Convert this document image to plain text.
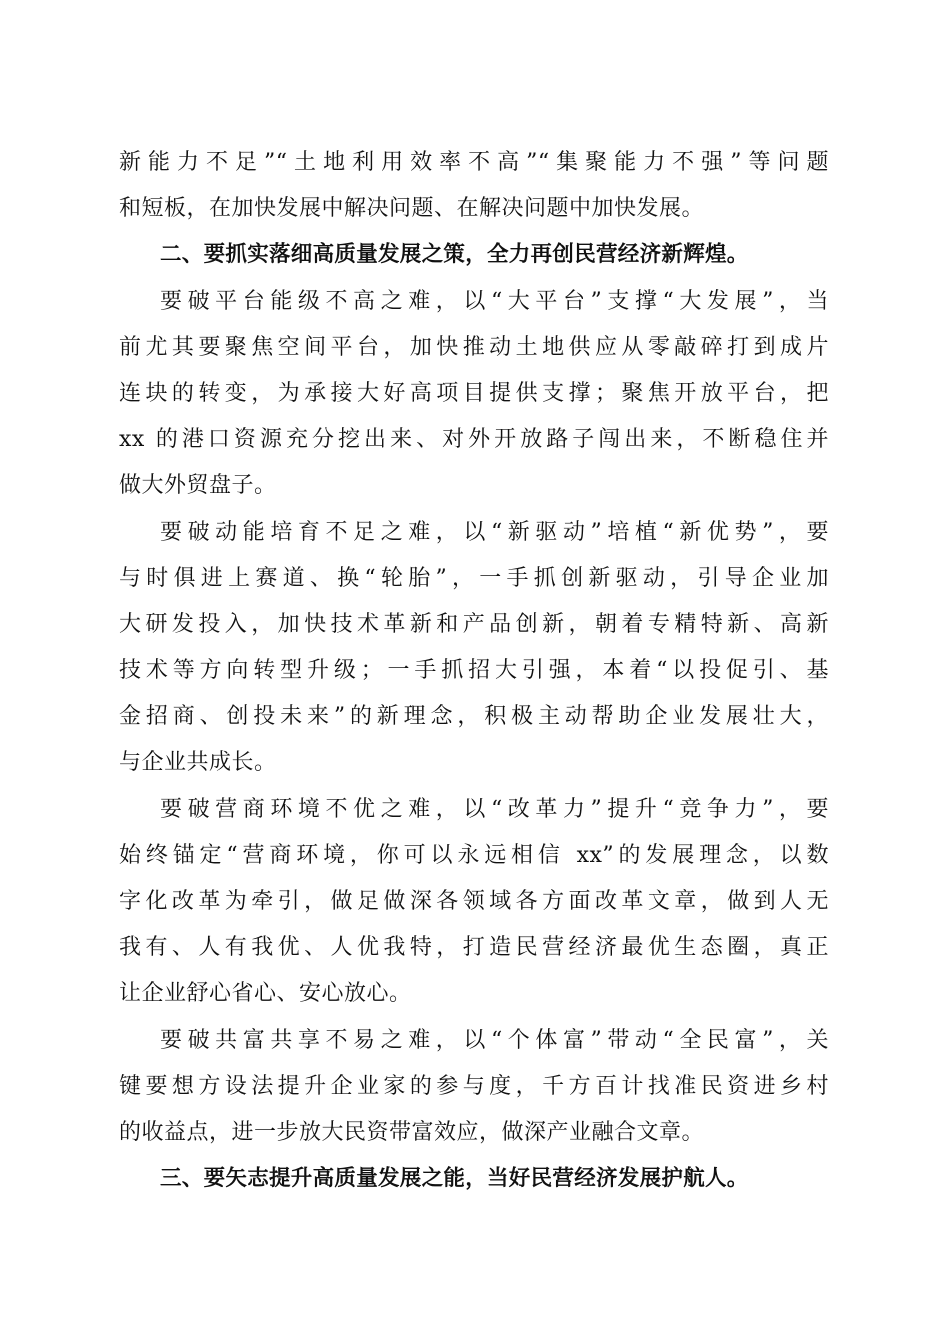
新能力不足”“土地利用效率不高”“集聚能力不强”等问题
和短板，在加快发展中解决问题、在解决问题中加快发展。
二、要抓实落细高质量发展之策，全力再创民营经济新辉煌。
要破平台能级不高之难，以“大平台”支撑“大发展”，当
前尤其要聚焦空间平台，加快推动土地供应从零敲碎打到成片
连块的转变，为承接大好高项目提供支撑；聚焦开放平台，把
xx 的港口资源充分挖出来、对外开放路子闯出来，不断稳住并
做大外贸盘子。
要破动能培育不足之难，以“新驱动”培植“新优势”，要
与时俱进上赛道、换“轮胎”，一手抓创新驱动，引导企业加
大研发投入，加快技术革新和产品创新，朝着专精特新、高新
技术等方向转型升级；一手抓招大引强，本着“以投促引、基
金招商、创投未来”的新理念，积极主动帮助企业发展壮大，
与企业共成长。
要破营商环境不优之难，以“改革力”提升“竞争力”，要
始终锚定“营商环境，你可以永远相信 xx”的发展理念，以数
字化改革为牵引，做足做深各领域各方面改革文章，做到人无
我有、人有我优、人优我特，打造民营经济最优生态圈，真正
让企业舒心省心、安心放心。
要破共富共享不易之难，以“个体富”带动“全民富”，关
键要想方设法提升企业家的参与度，千方百计找准民资进乡村
的收益点，进一步放大民资带富效应，做深产业融合文章。
三、要矢志提升高质量发展之能，当好民营经济发展护航人。
